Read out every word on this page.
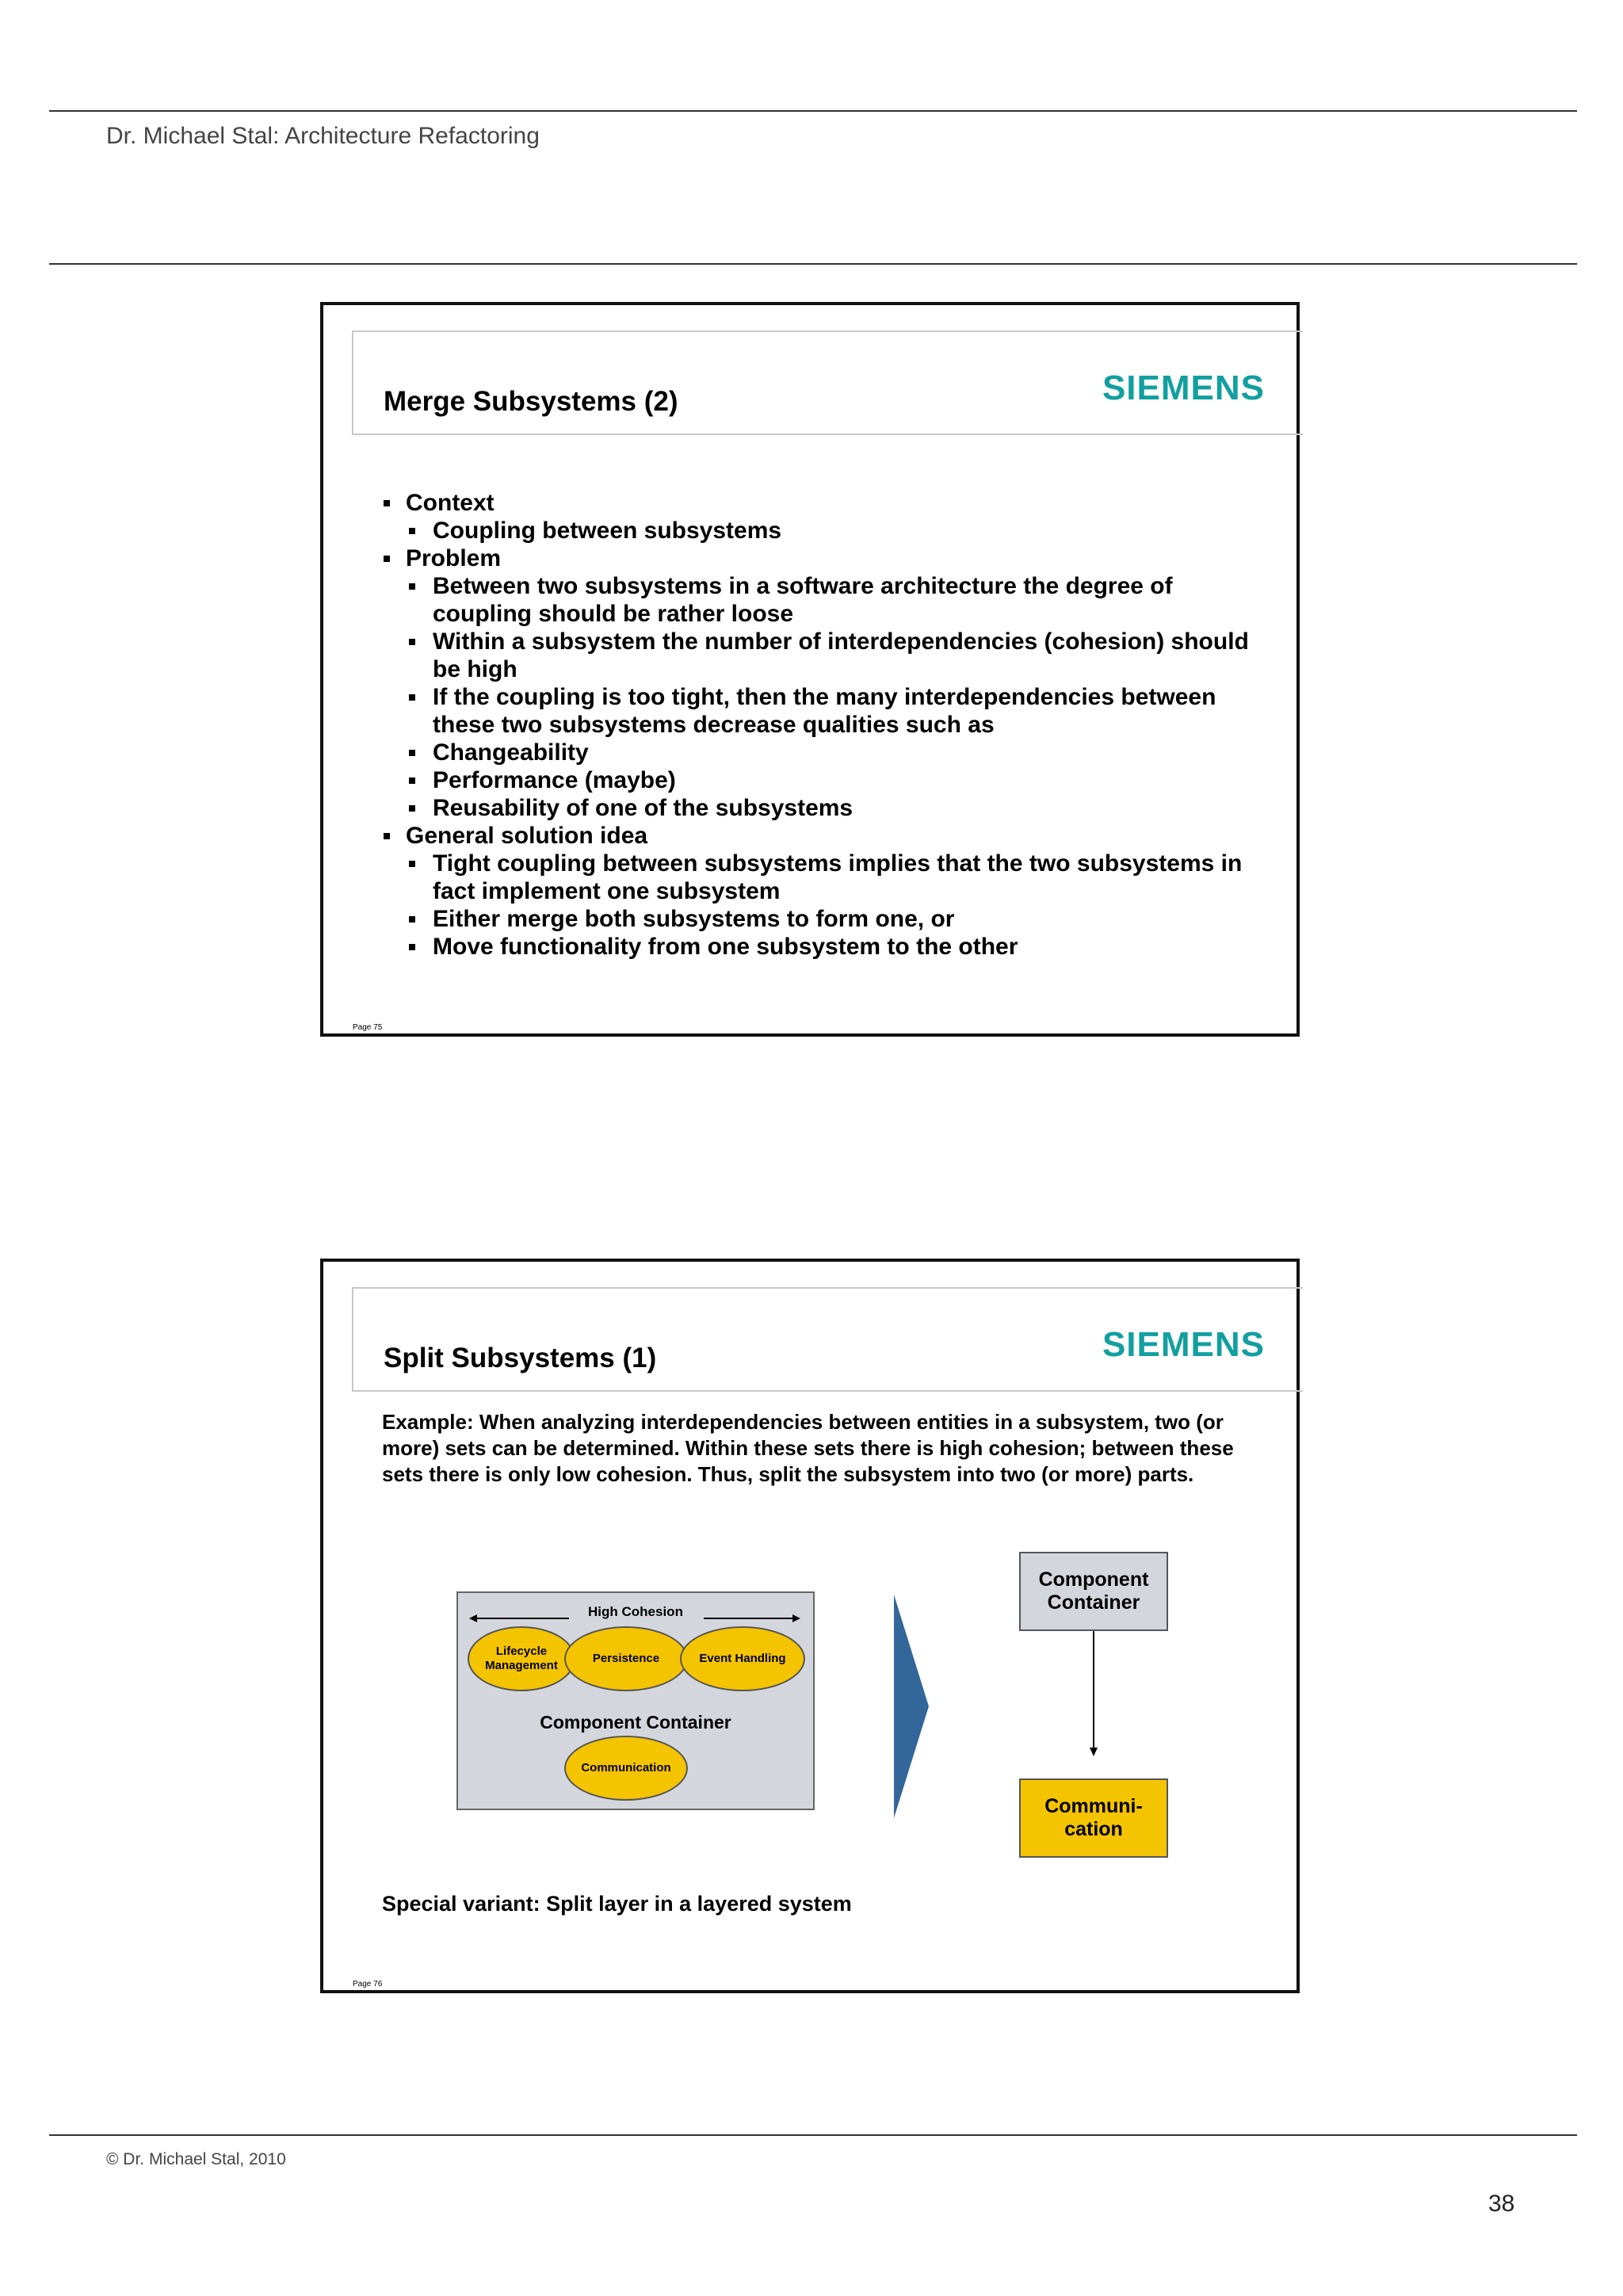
Dr. Michael Stal: Architecture Refactoring
SIEMENS
Merge Subsystems (2)
Context
Coupling between subsystems
Problem
Between two subsystems in a software architecture the degree of coupling should be rather loose
Within a subsystem the number of interdependencies (cohesion) should be high
If the coupling is too tight, then the many interdependencies between these two subsystems decrease qualities such as
Changeability
Performance (maybe)
Reusability of one of the subsystems
General solution idea
Tight coupling between subsystems implies that the two subsystems in fact implement one subsystem
Either merge both subsystems to form one, or
Move functionality from one subsystem to the other
Page 75
SIEMENS
Split Subsystems (1)
Example: When analyzing interdependencies between entities in a subsystem, two (or more) sets can be determined. Within these sets there is high cohesion; between these sets there is only low cohesion. Thus, split the subsystem into two (or more) parts.
High Cohesion
Lifecycle Management
Persistence	Event Handling
Component Container
Communication
Component Container
Communi- cation
Special variant: Split layer in a layered system
Page 76
© Dr. Michael Stal, 2010
38
